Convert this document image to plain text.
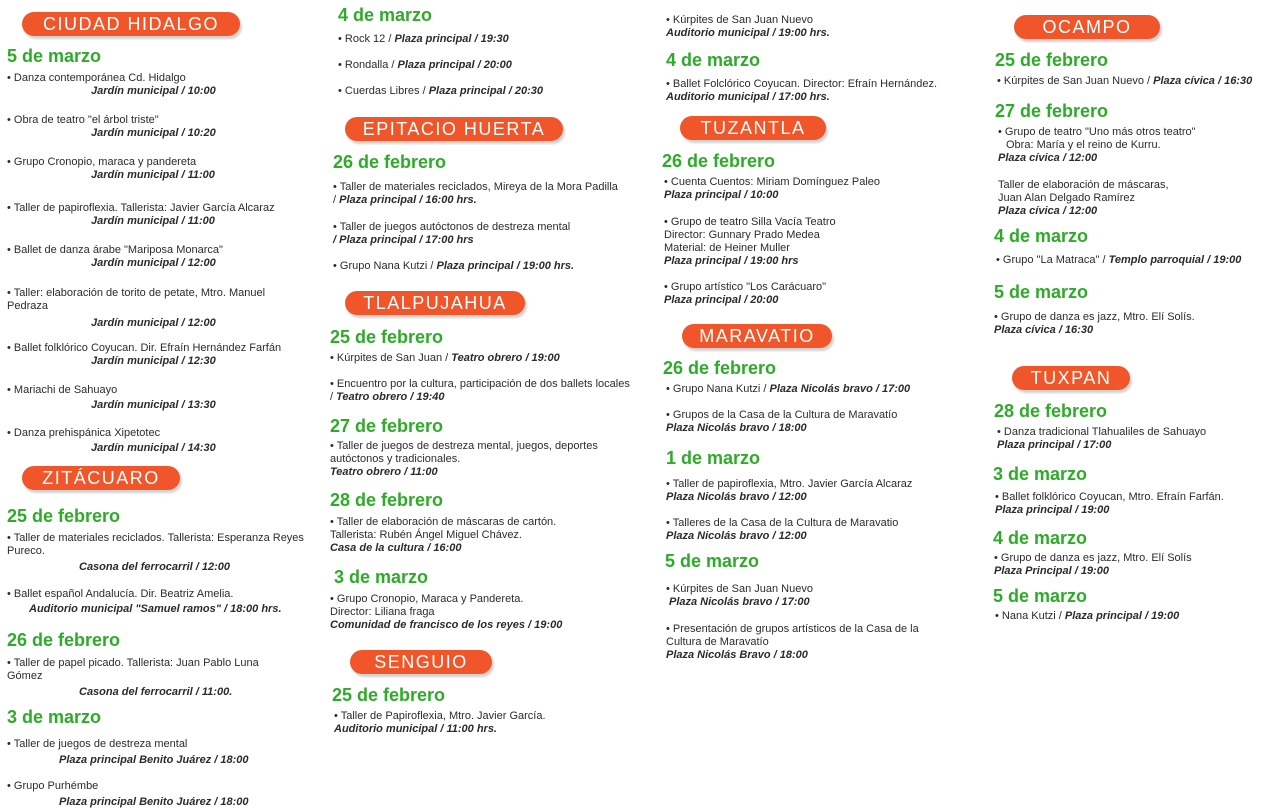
CIUDAD HIDALGO
5 de marzo
• Danza contemporánea Cd. Hidalgo
Jardín municipal / 10:00
• Obra de teatro "el árbol triste"
Jardín municipal / 10:20
• Grupo Cronopio, maraca y pandereta
Jardín municipal / 11:00
• Taller de papiroflexia. Tallerista: Javier García Alcaraz
Jardín municipal / 11:00
• Ballet de danza árabe "Mariposa Monarca"
Jardín municipal / 12:00
• Taller: elaboración de torito de petate, Mtro. Manuel Pedraza
Jardín municipal / 12:00
• Ballet folklórico Coyucan. Dir. Efraín Hernández Farfán
Jardín municipal / 12:30
• Mariachi de Sahuayo
Jardín municipal / 13:30
• Danza prehispánica Xipetotec
Jardín municipal / 14:30
ZITÁCUARO
25 de febrero
• Taller de materiales reciclados. Tallerista: Esperanza Reyes Pureco.
Casona del ferrocarril / 12:00
• Ballet español Andalucía. Dir. Beatriz Amelia.
Auditorio municipal "Samuel ramos" / 18:00 hrs.
26 de febrero
• Taller de papel picado. Tallerista: Juan Pablo Luna Gómez
Casona del ferrocarril / 11:00.
3 de marzo
• Taller de juegos de destreza mental
Plaza principal Benito Juárez / 18:00
• Grupo Purhémbe
Plaza principal Benito Juárez / 18:00
4 de marzo
• Rock 12 / Plaza principal / 19:30
• Rondalla / Plaza principal / 20:00
• Cuerdas Libres / Plaza principal / 20:30
EPITACIO HUERTA
26 de febrero
• Taller de materiales reciclados, Mireya de la Mora Padilla / Plaza principal / 16:00 hrs.
• Taller de juegos autóctonos de destreza mental
/ Plaza principal / 17:00 hrs
• Grupo Nana Kutzi / Plaza principal / 19:00 hrs.
TLALPUJAHUA
25 de febrero
• Kúrpites de San Juan / Teatro obrero / 19:00
• Encuentro por la cultura, participación de dos ballets locales / Teatro obrero / 19:40
27 de febrero
• Taller de juegos de destreza mental, juegos, deportes autóctonos y tradicionales.
Teatro obrero / 11:00
28 de febrero
• Taller de elaboración de máscaras de cartón.
Tallerista: Rubén Ángel Miguel Chávez.
Casa de la cultura / 16:00
3 de marzo
• Grupo Cronopio, Maraca y Pandereta.
Director: Liliana fraga
Comunidad de francisco de los reyes / 19:00
SENGUIO
25 de febrero
• Taller de Papiroflexia, Mtro. Javier García.
Auditorio municipal / 11:00 hrs.
• Kúrpites de San Juan Nuevo
Auditorio municipal / 19:00 hrs.
4 de marzo
• Ballet Folclórico Coyucan. Director: Efraín Hernández.
Auditorio municipal / 17:00 hrs.
TUZANTLA
26 de febrero
• Cuenta Cuentos: Miriam Domínguez Paleo
Plaza principal / 10:00
• Grupo de teatro Silla Vacía Teatro
Director: Gunnary Prado Medea
Material: de Heiner Muller
Plaza principal / 19:00 hrs
• Grupo artístico "Los Carácuaro"
Plaza principal / 20:00
MARAVATIO
26 de febrero
• Grupo Nana Kutzi / Plaza Nicolás bravo / 17:00
• Grupos de la Casa de la Cultura de Maravatío
Plaza Nicolás bravo / 18:00
1 de marzo
• Taller de papiroflexia, Mtro. Javier García Alcaraz
Plaza Nicolás bravo / 12:00
• Talleres de la Casa de la Cultura de Maravatio
Plaza Nicolás bravo / 12:00
5 de marzo
• Kúrpites de San Juan Nuevo
Plaza Nicolás bravo / 17:00
• Presentación de grupos artísticos de la Casa de la Cultura de Maravatío
Plaza Nicolás Bravo / 18:00
OCAMPO
25 de febrero
• Kúrpites de San Juan Nuevo / Plaza cívica / 16:30
27 de febrero
• Grupo de teatro "Uno más otros teatro"
Obra: María y el reino de Kurru.
Plaza cívica / 12:00
Taller de elaboración de máscaras,
Juan Alan Delgado Ramírez
Plaza cívica / 12:00
4 de marzo
• Grupo "La Matraca" / Templo parroquial / 19:00
5 de marzo
• Grupo de danza es jazz, Mtro. Elí Solís.
Plaza cívica / 16:30
TUXPAN
28 de febrero
• Danza tradicional Tlahualiles de Sahuayo
Plaza principal / 17:00
3 de marzo
• Ballet folklórico Coyucan, Mtro. Efraín Farfán.
Plaza principal / 19:00
4 de marzo
• Grupo de danza es jazz, Mtro. Elí Solís
Plaza Principal / 19:00
5 de marzo
• Nana Kutzi / Plaza principal / 19:00
